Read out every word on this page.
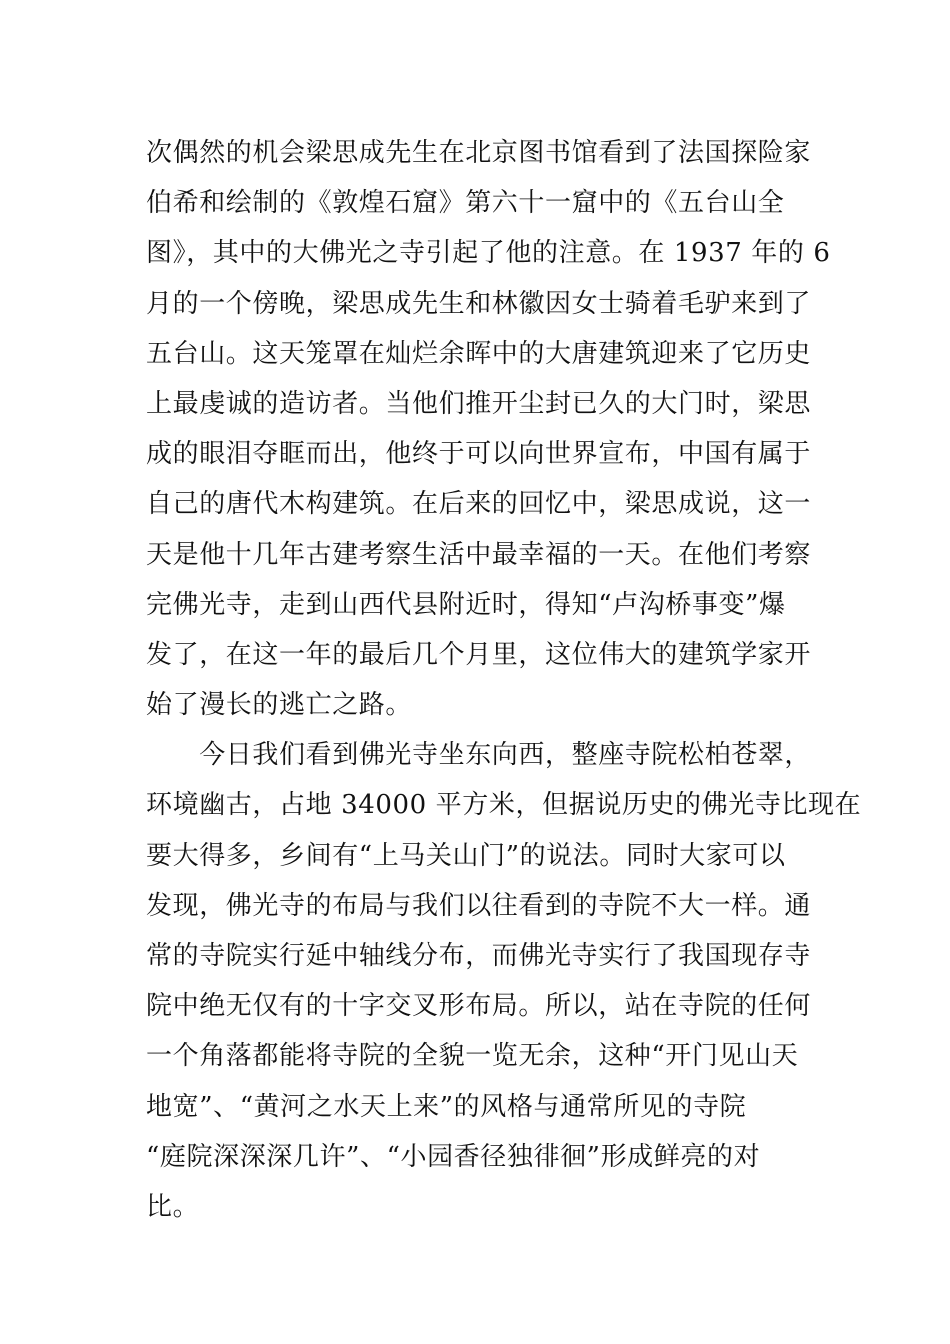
次偶然的机会梁思成先生在北京图书馆看到了法国探险家
伯希和绘制的《敦煌石窟》第六十一窟中的《五台山全
图》，其中的大佛光之寺引起了他的注意。在 1937 年的 6
月的一个傍晚，梁思成先生和林徽因女士骑着毛驴来到了
五台山。这天笼罩在灿烂余晖中的大唐建筑迎来了它历史
上最虔诚的造访者。当他们推开尘封已久的大门时，梁思
成的眼泪夺眶而出，他终于可以向世界宣布，中国有属于
自己的唐代木构建筑。在后来的回忆中，梁思成说，这一
天是他十几年古建考察生活中最幸福的一天。在他们考察
完佛光寺，走到山西代县附近时，得知“卢沟桥事变”爆
发了，在这一年的最后几个月里，这位伟大的建筑学家开
始了漫长的逃亡之路。
　　今日我们看到佛光寺坐东向西，整座寺院松柏苍翠，
环境幽古，占地 34000 平方米，但据说历史的佛光寺比现在
要大得多，乡间有“上马关山门”的说法。同时大家可以
发现，佛光寺的布局与我们以往看到的寺院不大一样。通
常的寺院实行延中轴线分布，而佛光寺实行了我国现存寺
院中绝无仅有的十字交叉形布局。所以，站在寺院的任何
一个角落都能将寺院的全貌一览无余，这种“开门见山天
地宽”、“黄河之水天上来”的风格与通常所见的寺院
“庭院深深深几许”、“小园香径独徘徊”形成鲜亮的对
比。
